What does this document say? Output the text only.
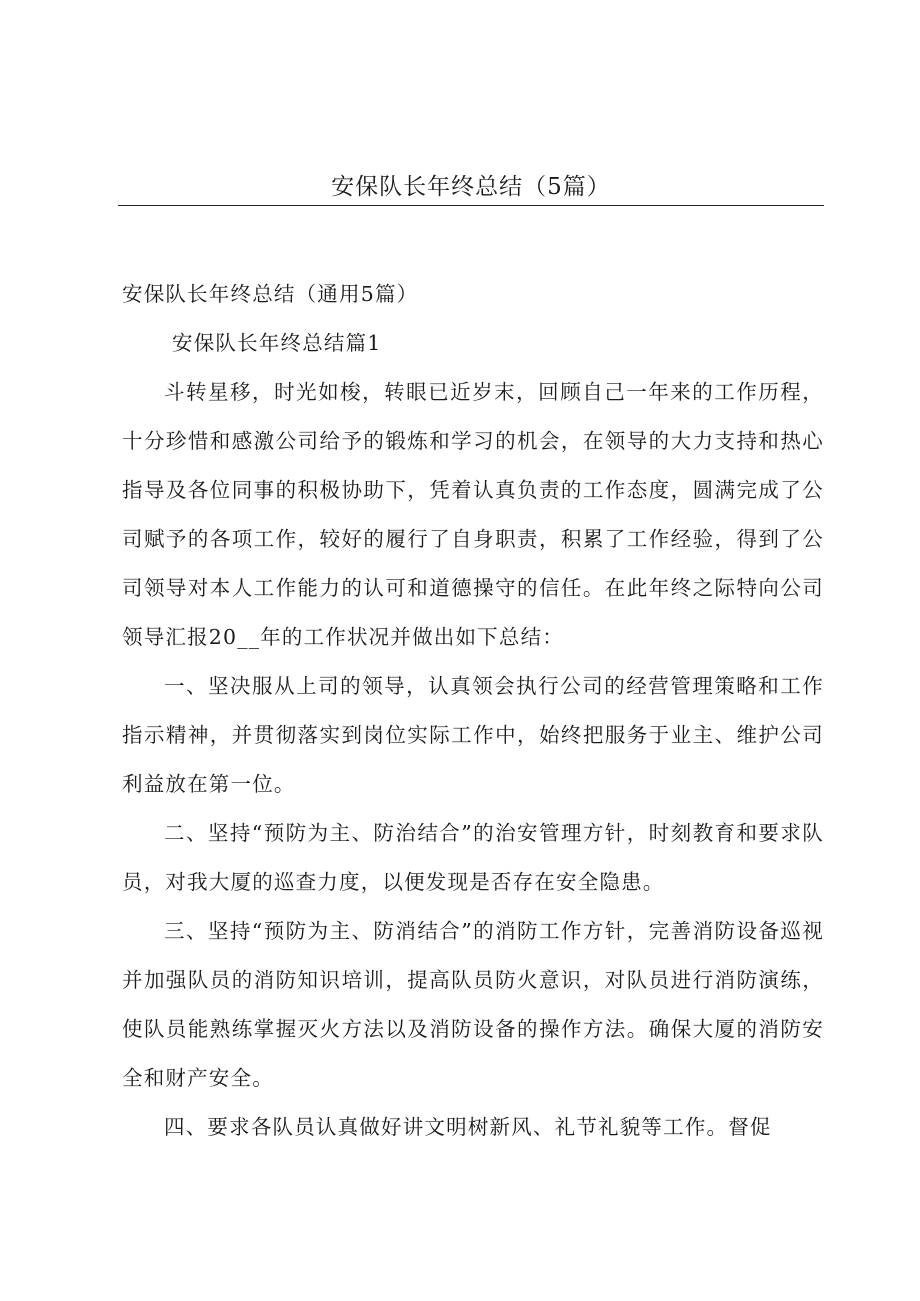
安保队长年终总结（5篇）

安保队长年终总结（通用5篇）

安保队长年终总结篇1

斗转星移，时光如梭，转眼已近岁末，回顾自己一年来的工作历程，十分珍惜和感激公司给予的锻炼和学习的机会，在领导的大力支持和热心指导及各位同事的积极协助下，凭着认真负责的工作态度，圆满完成了公司赋予的各项工作，较好的履行了自身职责，积累了工作经验，得到了公司领导对本人工作能力的认可和道德操守的信任。在此年终之际特向公司领导汇报20__年的工作状况并做出如下总结：

一、坚决服从上司的领导，认真领会执行公司的经营管理策略和工作指示精神，并贯彻落实到岗位实际工作中，始终把服务于业主、维护公司利益放在第一位。

二、坚持“预防为主、防治结合”的治安管理方针，时刻教育和要求队员，对我大厦的巡查力度，以便发现是否存在安全隐患。

三、坚持“预防为主、防消结合”的消防工作方针，完善消防设备巡视并加强队员的消防知识培训，提高队员防火意识，对队员进行消防演练，使队员能熟练掌握灭火方法以及消防设备的操作方法。确保大厦的消防安全和财产安全。

四、要求各队员认真做好讲文明树新风、礼节礼貌等工作。督促
